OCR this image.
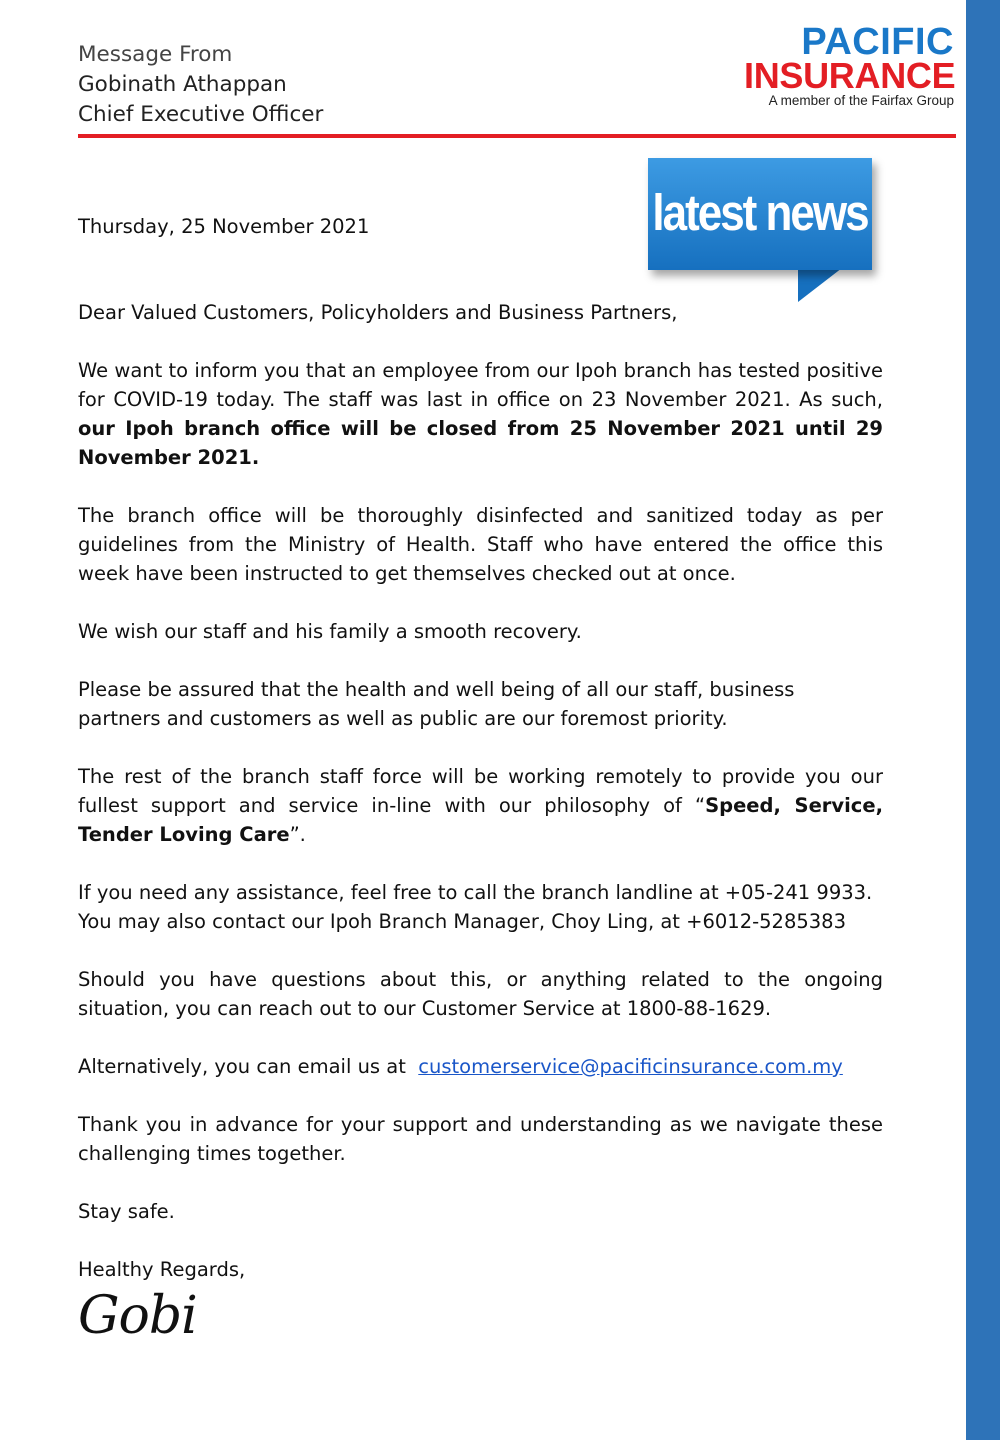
Message From
Gobinath Athappan
Chief Executive Officer
PACIFIC
INSURANCE
A member of the Fairfax Group
latest news

Thursday, 25 November 2021

Dear Valued Customers, Policyholders and Business Partners,

We want to inform you that an employee from our Ipoh branch has tested positive for COVID-19 today. The staff was last in office on 23 November 2021. As such, our Ipoh branch office will be closed from 25 November 2021 until 29 November 2021.

The branch office will be thoroughly disinfected and sanitized today as per guidelines from the Ministry of Health. Staff who have entered the office this week have been instructed to get themselves checked out at once.

We wish our staff and his family a smooth recovery.

Please be assured that the health and well being of all our staff, business partners and customers as well as public are our foremost priority.

The rest of the branch staff force will be working remotely to provide you our fullest support and service in-line with our philosophy of “Speed, Service, Tender Loving Care”.

If you need any assistance, feel free to call the branch landline at +05-241 9933.
You may also contact our Ipoh Branch Manager, Choy Ling, at +6012-5285383

Should you have questions about this, or anything related to the ongoing situation, you can reach out to our Customer Service at 1800-88-1629.

Alternatively, you can email us at  customerservice@pacificinsurance.com.my

Thank you in advance for your support and understanding as we navigate these challenging times together.

Stay safe.

Healthy Regards,

Gobi
